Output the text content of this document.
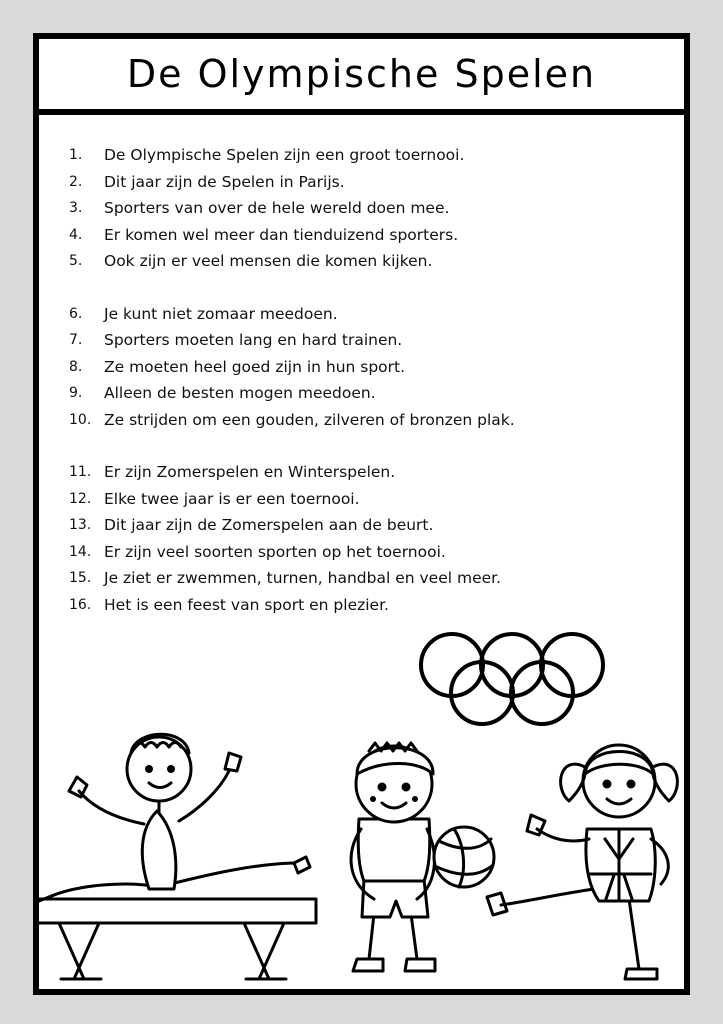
De Olympische Spelen
1.	De Olympische Spelen zijn een groot toernooi.
2.	Dit jaar zijn de Spelen in Parijs.
3.	Sporters van over de hele wereld doen mee.
4.	Er komen wel meer dan tienduizend sporters.
5.	Ook zijn er veel mensen die komen kijken.
6.	Je kunt niet zomaar meedoen.
7.	Sporters moeten lang en hard trainen.
8.	Ze moeten heel goed zijn in hun sport.
9.	Alleen de besten mogen meedoen.
10. Ze strijden om een gouden, zilveren of bronzen plak.
11. Er zijn Zomerspelen en Winterspelen.
12. Elke twee jaar is er een toernooi.
13. Dit jaar zijn de Zomerspelen aan de beurt.
14. Er zijn veel soorten sporten op het toernooi.
15. Je ziet er zwemmen, turnen, handbal en veel meer.
16. Het is een feest van sport en plezier.
